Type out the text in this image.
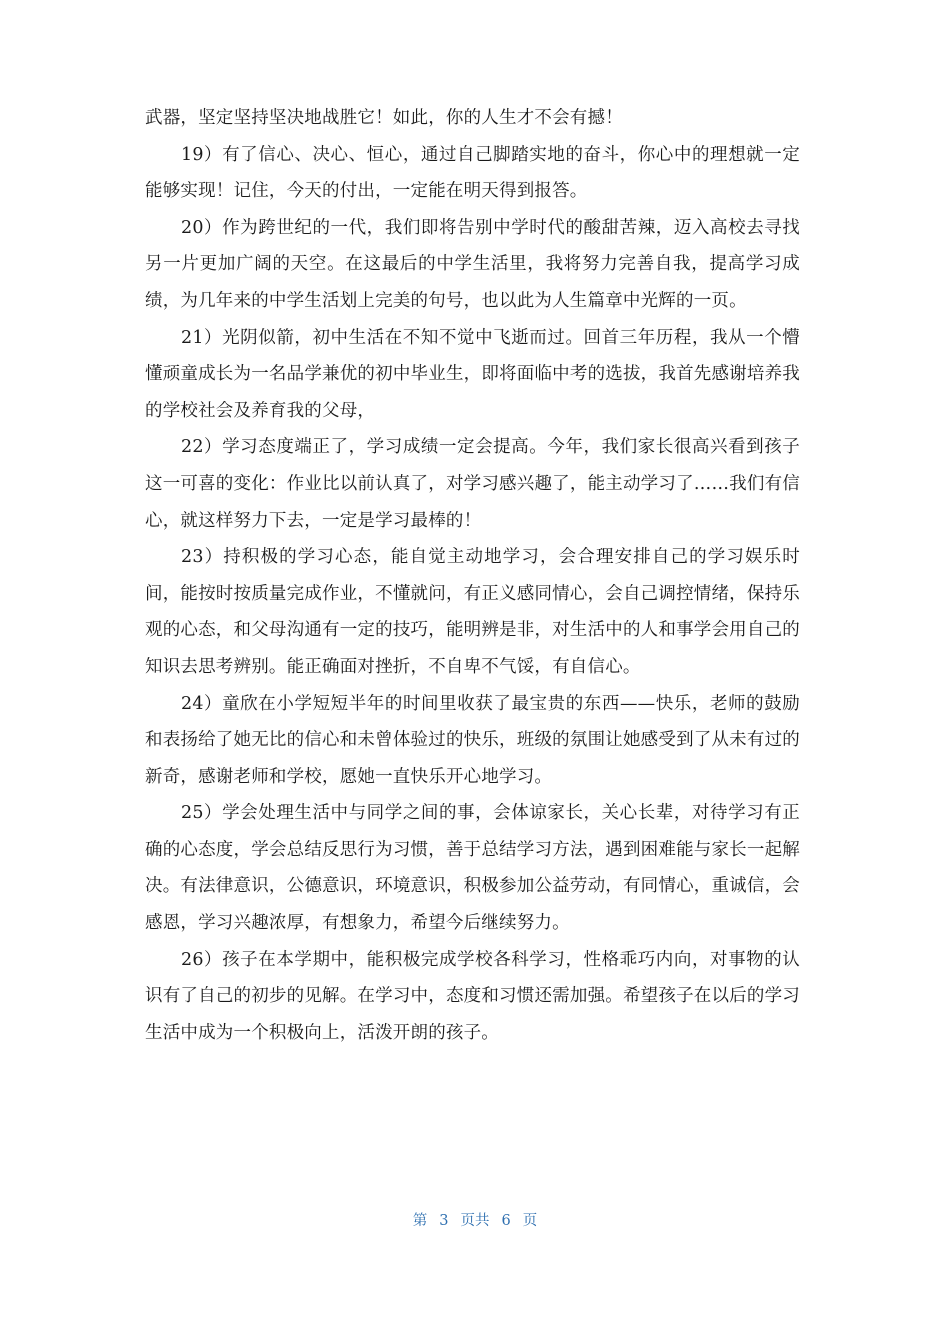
武器，坚定坚持坚决地战胜它！如此，你的人生才不会有撼！

19）有了信心、决心、恒心，通过自己脚踏实地的奋斗，你心中的理想就一定能够实现！记住，今天的付出，一定能在明天得到报答。

20）作为跨世纪的一代，我们即将告别中学时代的酸甜苦辣，迈入高校去寻找另一片更加广阔的天空。在这最后的中学生活里，我将努力完善自我，提高学习成绩，为几年来的中学生活划上完美的句号，也以此为人生篇章中光辉的一页。

21）光阴似箭，初中生活在不知不觉中飞逝而过。回首三年历程，我从一个懵懂顽童成长为一名品学兼优的初中毕业生，即将面临中考的选拔，我首先感谢培养我的学校社会及养育我的父母，

22）学习态度端正了，学习成绩一定会提高。今年，我们家长很高兴看到孩子这一可喜的变化：作业比以前认真了，对学习感兴趣了，能主动学习了……我们有信心，就这样努力下去，一定是学习最棒的！

23）持积极的学习心态，能自觉主动地学习，会合理安排自己的学习娱乐时间，能按时按质量完成作业，不懂就问，有正义感同情心，会自己调控情绪，保持乐观的心态，和父母沟通有一定的技巧，能明辨是非，对生活中的人和事学会用自己的知识去思考辨别。能正确面对挫折，不自卑不气馁，有自信心。

24）童欣在小学短短半年的时间里收获了最宝贵的东西——快乐，老师的鼓励和表扬给了她无比的信心和未曾体验过的快乐，班级的氛围让她感受到了从未有过的新奇，感谢老师和学校，愿她一直快乐开心地学习。

25）学会处理生活中与同学之间的事，会体谅家长，关心长辈，对待学习有正确的心态度，学会总结反思行为习惯，善于总结学习方法，遇到困难能与家长一起解决。有法律意识，公德意识，环境意识，积极参加公益劳动，有同情心，重诚信，会感恩，学习兴趣浓厚，有想象力，希望今后继续努力。

26）孩子在本学期中，能积极完成学校各科学习，性格乖巧内向，对事物的认识有了自己的初步的见解。在学习中，态度和习惯还需加强。希望孩子在以后的学习生活中成为一个积极向上，活泼开朗的孩子。

第 3 页共 6 页
